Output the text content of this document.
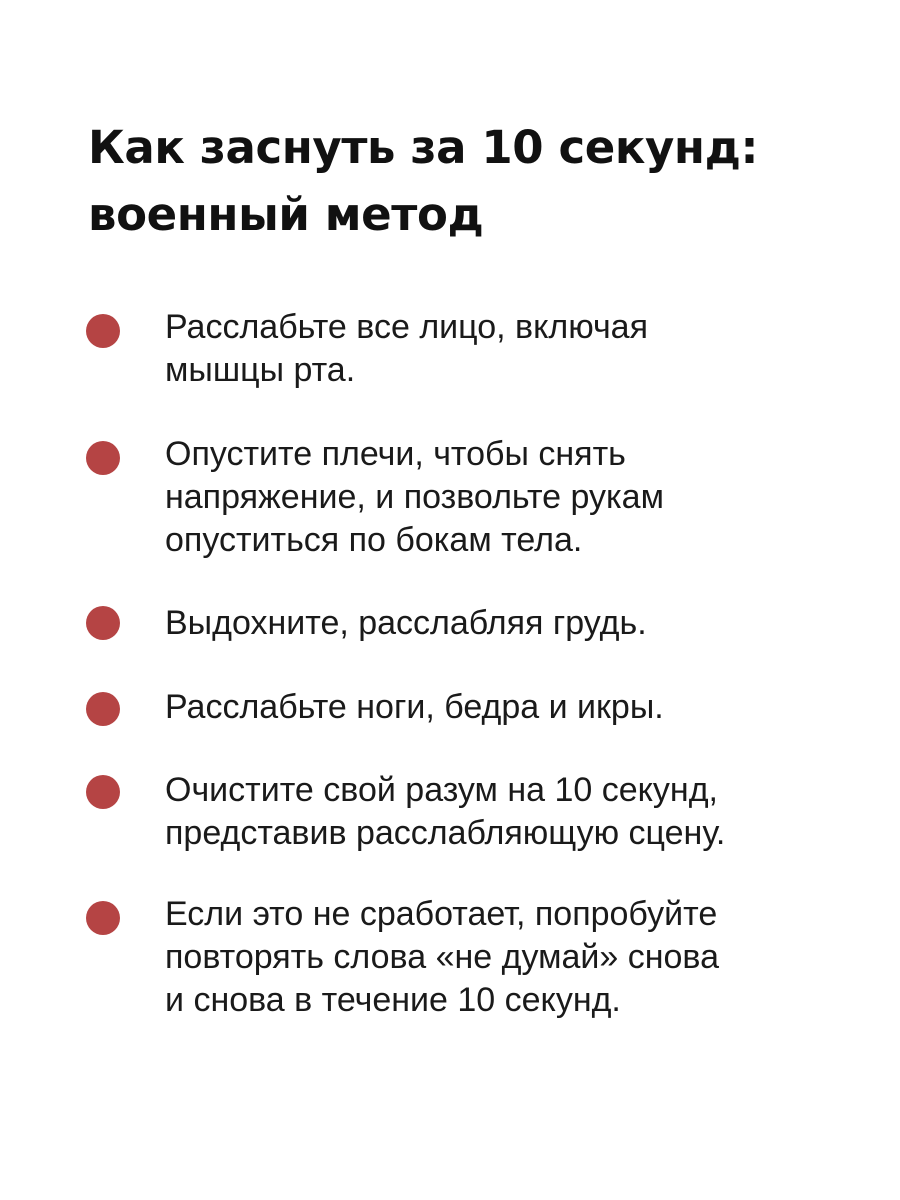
Как заснуть за 10 секунд:
военный метод

Расслабьте все лицо, включая
мышцы рта.

Опустите плечи, чтобы снять
напряжение, и позвольте рукам
опуститься по бокам тела.

Выдохните, расслабляя грудь.

Расслабьте ноги, бедра и икры.

Очистите свой разум на 10 секунд,
представив расслабляющую сцену.

Если это не сработает, попробуйте
повторять слова «не думай» снова
и снова в течение 10 секунд.
